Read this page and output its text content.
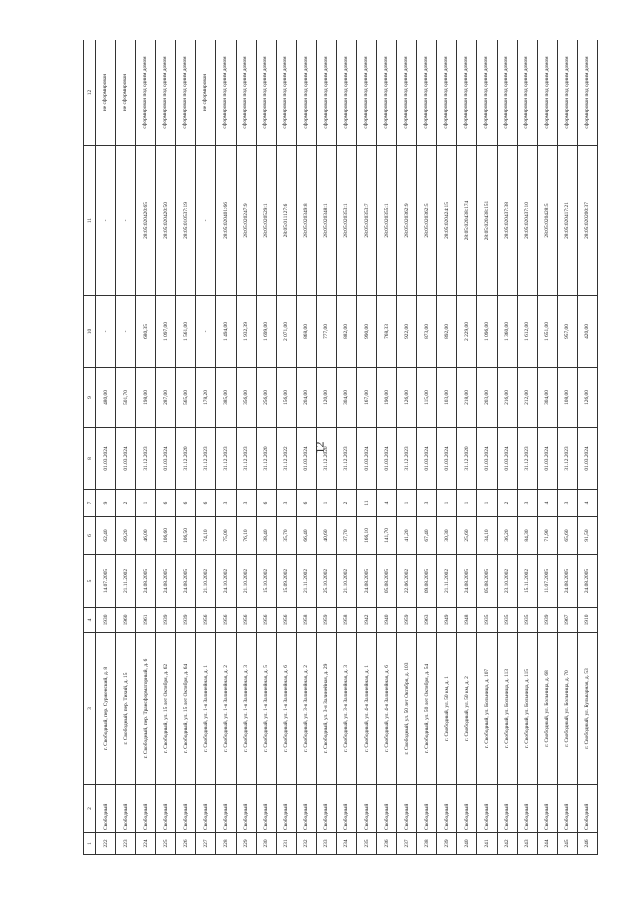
12
1	2	3	4	5	6	7	8	9	10	11	12
222	Свободный	г. Свободный, пер. Сурженский, д. 8	1930	14.07.2005	62,40	9	01.03.2024	480,00	-	-	не сформирован
223	Свободный	г. Свободный, пер. Тихий, д. 15	1960	21.11.2002	69,20	2	01.03.2024	501,70	-	-	не сформирован
224	Свободный	г. Свободный, пер. Трансформаторный, д. 6	1961	24.08.2005	46,00	1	31.12.2023	198,00	680,35	28:05:020420:65	сформирован под одним домом
225	Свободный	г. Свободный, ул. 15 лет Октября, д. 62	1939	24.08.2005	106,60	6	01.03.2024	287,00	1 097,00	28:05:020420:50	сформирован под одним домом
226	Свободный	г. Свободный, ул. 15 лет Октября, д. 64	1939	24.08.2005	106,50	6	31.12.2020	565,00	1 561,00	28:05:010537:19	сформирован под одним домом
227	Свободный	г. Свободный, ул. 1-я Залинейная, д. 1	1956	21.10.2002	74,10	6	31.12.2023	178,20	-	-	не сформирован
228	Свободный	г. Свободный, ул. 1-я Залинейная, д. 2	1956	24.10.2002	75,00	3	31.12.2023	385,00	1 494,00	28:05:020401:66	сформирован под одним домом
229	Свободный	г. Свободный, ул. 1-я Залинейная, д. 3	1956	21.10.2002	76,10	3	31.12.2023	356,00	1 932,39	28:05:020247:9	сформирован под одним домом
230	Свободный	г. Свободный, ул. 1-я Залинейная, д. 5	1956	15.10.2002	38,40	6	31.12.2020	256,00	1 699,00	28:05:020529:1	сформирован под одним домом
231	Свободный	г. Свободный, ул. 1-я Залинейная, д. 6	1956	15.09.2002	35,70	3	31.12.2022	156,00	2 071,00	28:05:011127:6	сформирован под одним домом
232	Свободный	г. Свободный, ул. 3-я Залинейная, д. 2	1958	21.11.2002	66,40	6	01.03.2024	204,00	868,00	28:05:020349:8	сформирован под одним домом
233	Свободный	г. Свободный, ул. 3-я Залинейная, д. 29	1959	25.10.2002	40,60	1	31.12.2020	120,00	777,00	28:05:020348:1	сформирован под одним домом
234	Свободный	г. Свободный, ул. 3-я Залинейная, д. 3	1958	21.10.2002	37,70	2	31.12.2023	304,00	882,00	28:05:020353:1	сформирован под одним домом
235	Свободный	г. Свободный, ул. 4-я Залинейная, д. 1	1942	24.08.2005	166,10	11	01.03.2024	167,00	990,00	28:05:020353:7	сформирован под одним домом
236	Свободный	г. Свободный, ул. 4-я Залинейная, д. 6	1940	05.08.2005	141,70	4	01.03.2024	190,00	768,33	28:05:020355:1	сформирован под одним домом
237	Свободный	г. Свободный, ул. 50 лет Октября, д. 103	1959	22.06.2002	41,20	1	31.12.2023	126,00	922,00	28:05:020362:9	сформирован под одним домом
238	Свободный	г. Свободный, ул. 50 лет Октября, д. 54	1963	09.08.2005	67,40	3	01.03.2024	115,00	873,00	28:05:020362:5	сформирован под одним домом
239	Свободный	г. Свободный, ул. 50 км, д. 1	1949	21.11.2002	30,30	1	01.03.2024	103,00	892,00	28:05:020424:15	сформирован под одним домом
240	Свободный	г. Свободный, ул. 50 км, д. 2	1948	24.08.2005	25,60	1	31.12.2020	218,00	2 229,00	28:05:020438:174	сформирован под одним домом
241	Свободный	г. Свободный, ул. Больница, д. 107	1935	05.08.2005	34,10	1	01.03.2024	203,00	1 096,00	28:05:020438:151	сформирован под одним домом
242	Свободный	г. Свободный, ул. Больница, д. 113	1935	23.10.2002	36,20	2	01.03.2024	216,00	1 360,00	28:05:020437:38	сформирован под одним домом
243	Свободный	г. Свободный, ул. Больница, д. 115	1935	15.11.2002	84,30	3	31.12.2023	212,00	1 612,00	28:05:020437:10	сформирован под одним домом
244	Свободный	г. Свободный, ул. Больница, д. 68	1939	11.07.2005	71,90	4	01.03.2024	304,00	1 651,00	28:05:020428:5	сформирован под одним домом
245	Свободный	г. Свободный, ул. Больница, д. 70	1967	24.08.2005	65,60	3	31.12.2023	108,00	957,00	28:05:020417:21	сформирован под одним домом
246	Свободный	г. Свободный, ул. Бульварная, д. 53	1910	24.08.2005	91,50	4	01.03.2024	126,00	420,00	28:05:020200:37	сформирован под одним домом
